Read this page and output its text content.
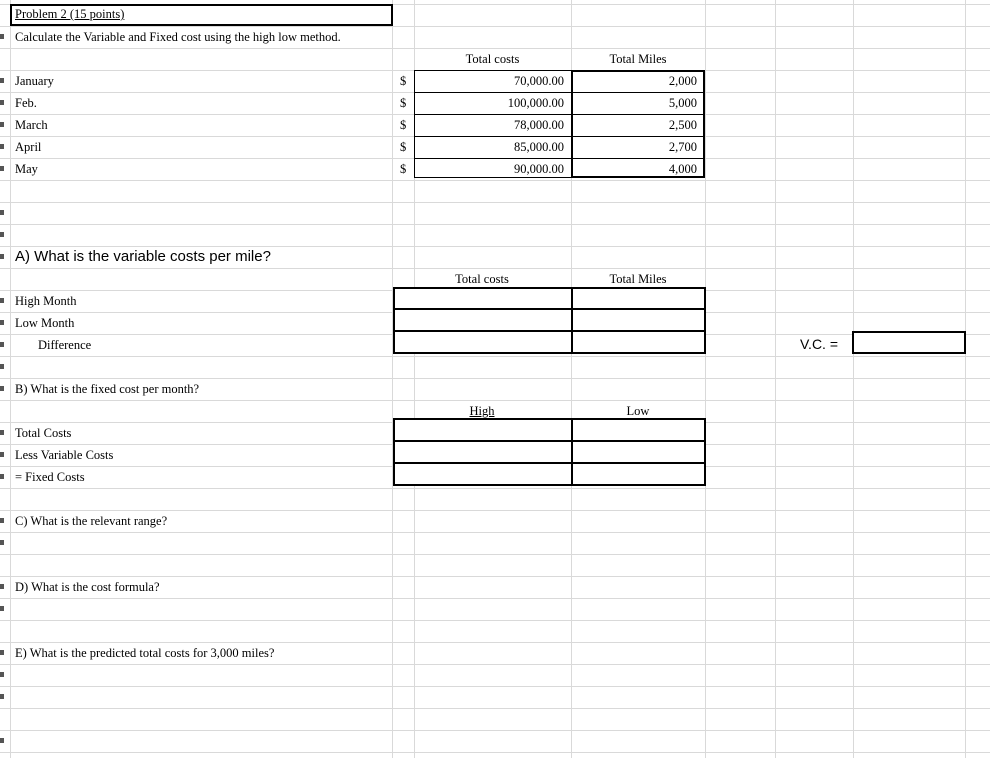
Problem 2 (15 points)
Calculate the Variable and Fixed cost using the high low method.
Total costs	Total Miles
January	$	70,000.00	2,000
Feb.	$	100,000.00	5,000
March	$	78,000.00	2,500
April	$	85,000.00	2,700
May	$	90,000.00	4,000
A) What is the variable costs per mile?
Total costs	Total Miles
High Month
Low Month
Difference	V.C. =
B) What is the fixed cost per month?
High	Low
Total Costs
Less Variable Costs
= Fixed Costs
C) What is the relevant range?
D) What is the cost formula?
E) What is the predicted total costs for 3,000 miles?
